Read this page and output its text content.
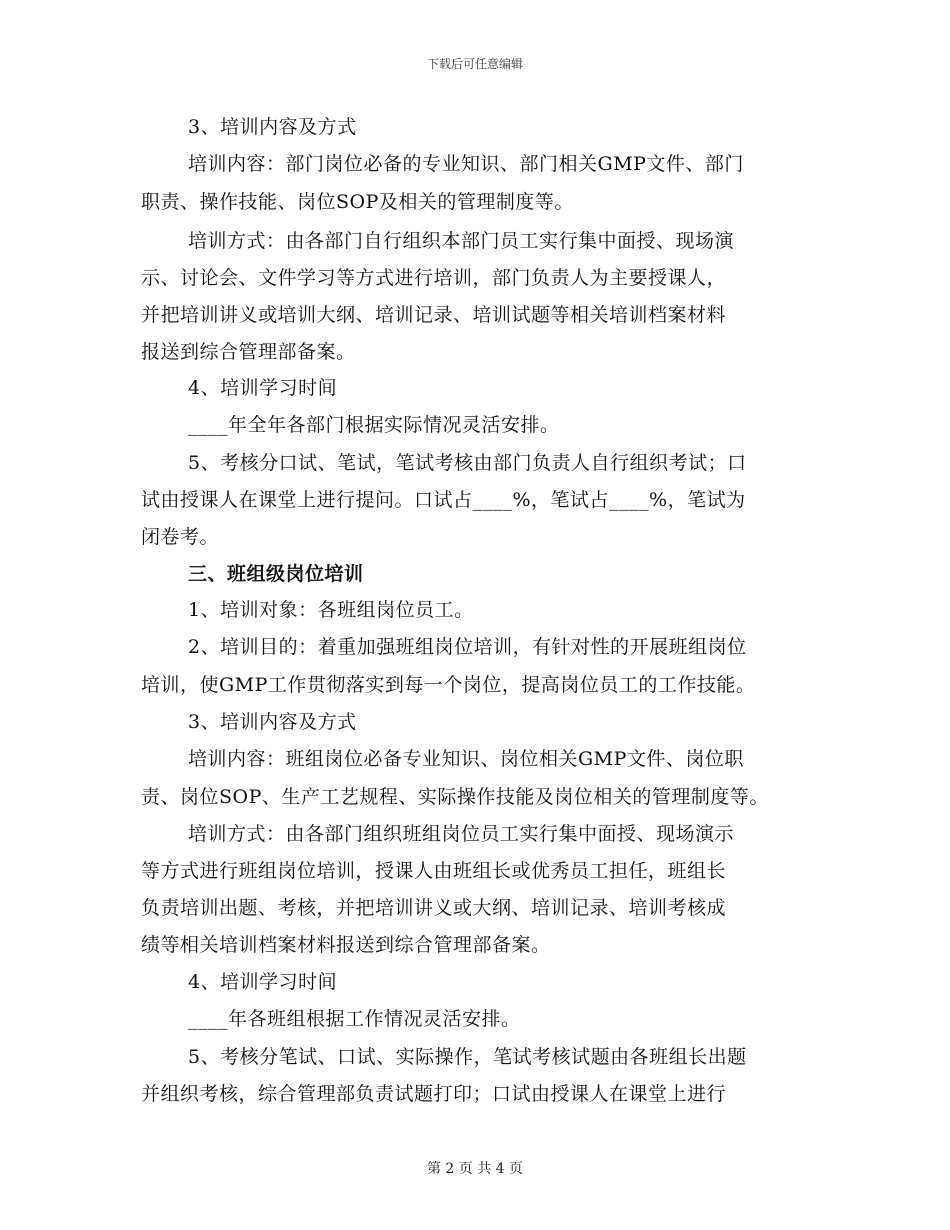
下载后可任意编辑
3、培训内容及方式
培训内容：部门岗位必备的专业知识、部门相关GMP文件、部门
职责、操作技能、岗位SOP及相关的管理制度等。
培训方式：由各部门自行组织本部门员工实行集中面授、现场演
示、讨论会、文件学习等方式进行培训，部门负责人为主要授课人，
并把培训讲义或培训大纲、培训记录、培训试题等相关培训档案材料
报送到综合管理部备案。
4、培训学习时间
____年全年各部门根据实际情况灵活安排。
5、考核分口试、笔试，笔试考核由部门负责人自行组织考试；口
试由授课人在课堂上进行提问。口试占____%，笔试占____%，笔试为
闭卷考。
三、班组级岗位培训
1、培训对象：各班组岗位员工。
2、培训目的：着重加强班组岗位培训，有针对性的开展班组岗位
培训，使GMP工作贯彻落实到每一个岗位，提高岗位员工的工作技能。
3、培训内容及方式
培训内容：班组岗位必备专业知识、岗位相关GMP文件、岗位职
责、岗位SOP、生产工艺规程、实际操作技能及岗位相关的管理制度等。
培训方式：由各部门组织班组岗位员工实行集中面授、现场演示
等方式进行班组岗位培训，授课人由班组长或优秀员工担任，班组长
负责培训出题、考核，并把培训讲义或大纲、培训记录、培训考核成
绩等相关培训档案材料报送到综合管理部备案。
4、培训学习时间
____年各班组根据工作情况灵活安排。
5、考核分笔试、口试、实际操作，笔试考核试题由各班组长出题
并组织考核，综合管理部负责试题打印；口试由授课人在课堂上进行
第 2 页 共 4 页
